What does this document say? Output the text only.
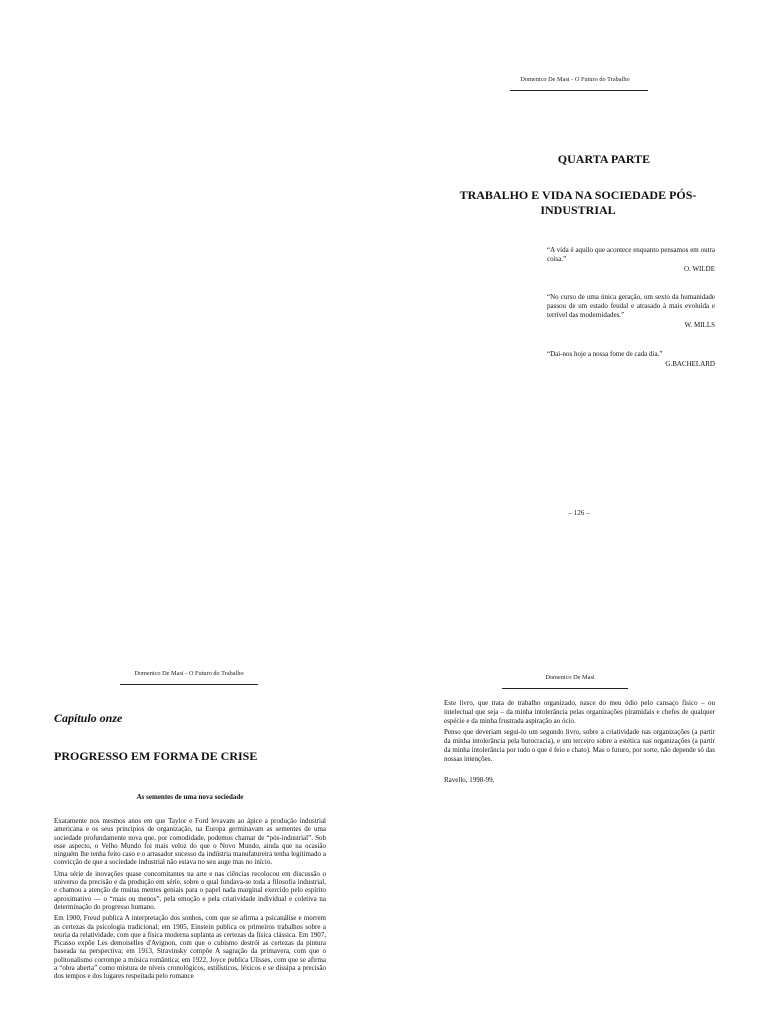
Domenico De Masi - O Futuro do Trabalho
QUARTA PARTE
TRABALHO E VIDA NA SOCIEDADE PÓS-INDUSTRIAL
“A vida é aquilo que acontece enquanto pensamos em outra coisa.”
O. WILDE
“No curso de uma única geração, um sexto da humanidade passou de um estado feudal e atrasado à mais evoluída e terrível das modernidades.”
W. MILLS
“Dai-nos hoje a nossa fome de cada dia.”
G.BACHELARD
– 126 –
Domenico De Masi - O Futuro do Trabalho
Capítulo onze
PROGRESSO EM FORMA DE CRISE
As sementes de uma nova sociedade

Exatamente nos mesmos anos em que Taylor e Ford levavam ao ápice a produção industrial americana e os seus princípios de organização, na Europa germinavam as sementes de uma sociedade profundamente nova que, por comodidade, podemos chamar de “pós-industrial”. Sob esse aspecto, o Velho Mundo foi mais veloz do que o Novo Mundo, ainda que na ocasião ninguém lhe tenha feito caso e o arrasador sucesso da indústria manufatureira tenha legitimado a convicção de que a sociedade industrial não estava no seu auge mas no início.

Uma série de inovações quase concomitantes na arte e nas ciências recolocou em discussão o universo da precisão e da produção em série, sobre o qual fundava-se toda a filosofia industrial, e chamou a atenção de muitas mentes geniais para o papel nada marginal exercido pelo espírito aproximativo — o “mais ou menos”, pela emoção e pela criatividade individual e coletiva na determinação do progresso humano.

Em 1900, Freud publica A interpretação dos sonhos, com que se afirma a psicanálise e morrem as certezas da psicologia tradicional; em 1905, Einstein publica os primeiros trabalhos sobre a teoria da relatividade, com que a física moderna suplanta as certezas da física clássica. Em 1907, Picasso expõe Les demoiselles d'Avignon, com que o cubismo destrói as certezas da pintura baseada na perspectiva; em 1913, Stravinsky compõe A sagração da primavera, com que o politonalismo corrompe a música romântica; em 1922, Joyce publica Ulisses, com que se afirma a “obra aberta” como mistura de níveis cronológicos, estilísticos, léxicos e se dissipa a precisão dos tempos e dos lugares respeitada pelo romance

Domenico De Masi

Este livro, que trata de trabalho organizado, nasce do meu ódio pelo cansaço físico – ou intelectual que seja – da minha intolerância pelas organizações piramidais e chefes de qualquer espécie e da minha frustrada aspiração ao ócio.

Penso que deveriam segui-lo um segundo livro, sobre a criatividade nas organizações (a partir da minha intolerância pela burocracia), e um terceiro sobre a estética nas organizações (a partir da minha intolerância por tudo o que é feio e chato). Mas o futuro, por sorte, não depende só das nossas intenções.

Ravello, 1998-99.
